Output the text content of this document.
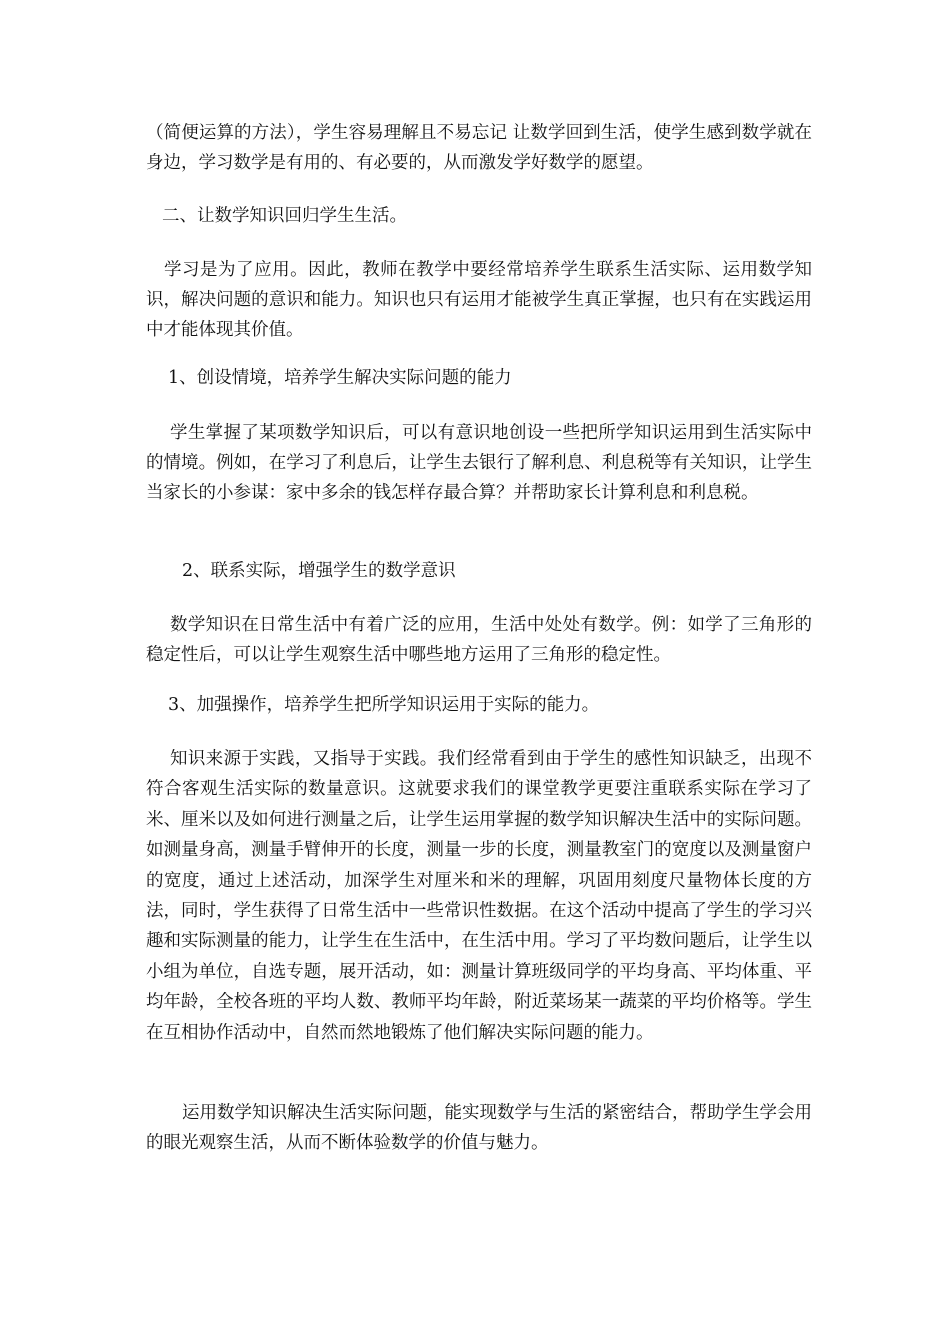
（简便运算的方法），学生容易理解且不易忘记 让数学回到生活，使学生感到数学就在身边，学习数学是有用的、有必要的，从而激发学好数学的愿望。

二、让数学知识回归学生生活。

学习是为了应用。因此，教师在教学中要经常培养学生联系生活实际、运用数学知识，解决问题的意识和能力。知识也只有运用才能被学生真正掌握，也只有在实践运用中才能体现其价值。

1、创设情境，培养学生解决实际问题的能力

学生掌握了某项数学知识后，可以有意识地创设一些把所学知识运用到生活实际中的情境。例如，在学习了利息后，让学生去银行了解利息、利息税等有关知识，让学生当家长的小参谋：家中多余的钱怎样存最合算？并帮助家长计算利息和利息税。

2、联系实际，增强学生的数学意识

数学知识在日常生活中有着广泛的应用，生活中处处有数学。例：如学了三角形的稳定性后，可以让学生观察生活中哪些地方运用了三角形的稳定性。

3、加强操作，培养学生把所学知识运用于实际的能力。

知识来源于实践，又指导于实践。我们经常看到由于学生的感性知识缺乏，出现不符合客观生活实际的数量意识。这就要求我们的课堂教学更要注重联系实际在学习了米、厘米以及如何进行测量之后，让学生运用掌握的数学知识解决生活中的实际问题。如测量身高，测量手臂伸开的长度，测量一步的长度，测量教室门的宽度以及测量窗户的宽度，通过上述活动，加深学生对厘米和米的理解，巩固用刻度尺量物体长度的方法，同时，学生获得了日常生活中一些常识性数据。在这个活动中提高了学生的学习兴趣和实际测量的能力，让学生在生活中，在生活中用。学习了平均数问题后，让学生以小组为单位，自选专题，展开活动，如：测量计算班级同学的平均身高、平均体重、平均年龄，全校各班的平均人数、教师平均年龄，附近菜场某一蔬菜的平均价格等。学生在互相协作活动中，自然而然地锻炼了他们解决实际问题的能力。

运用数学知识解决生活实际问题，能实现数学与生活的紧密结合，帮助学生学会用的眼光观察生活，从而不断体验数学的价值与魅力。
